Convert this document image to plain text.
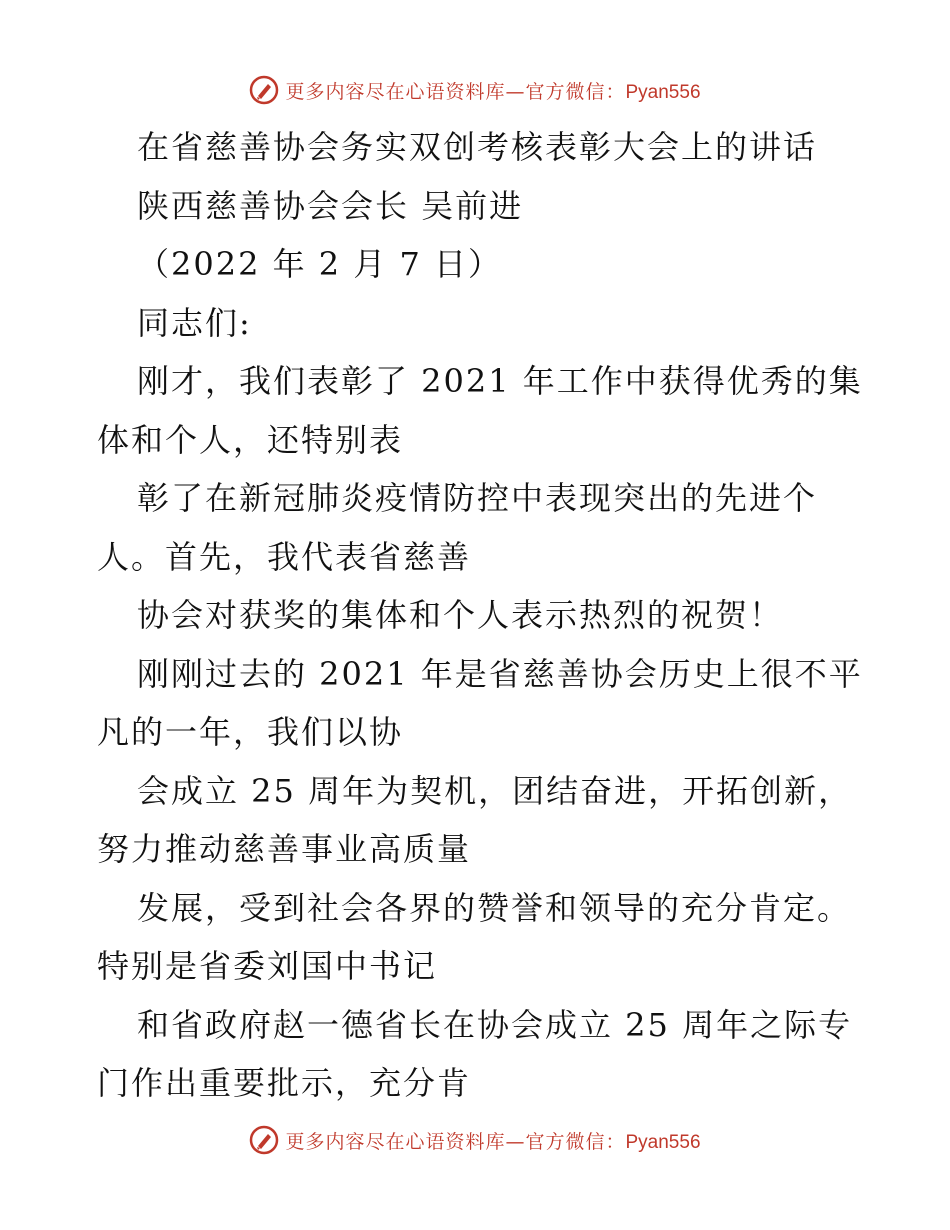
更多内容尽在心语资料库—官方微信：Pyan556
在省慈善协会务实双创考核表彰大会上的讲话
陕西慈善协会会长 吴前进
（2022 年 2 月 7 日）
同志们:
刚才，我们表彰了 2021 年工作中获得优秀的集
体和个人，还特别表
彰了在新冠肺炎疫情防控中表现突出的先进个
人。首先，我代表省慈善
协会对获奖的集体和个人表示热烈的祝贺！
刚刚过去的 2021 年是省慈善协会历史上很不平
凡的一年，我们以协
会成立 25 周年为契机，团结奋进，开拓创新，
努力推动慈善事业高质量
发展，受到社会各界的赞誉和领导的充分肯定。
特别是省委刘国中书记
和省政府赵一德省长在协会成立 25 周年之际专
门作出重要批示，充分肯
更多内容尽在心语资料库—官方微信：Pyan556
